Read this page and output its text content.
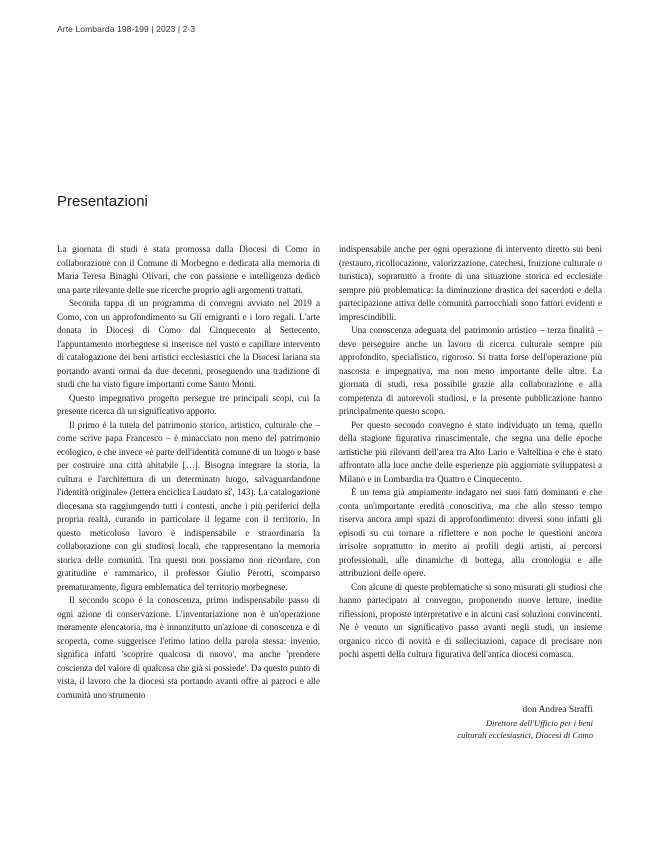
Arte Lombarda 198-199 | 2023 | 2-3
Presentazioni

La giornata di studi è stata promossa dalla Diocesi di Como in collaborazione con il Comune di Morbegno e dedicata alla memoria di Maria Teresa Binaghi Olivari, che con passione e intelligenza dedicò una parte rilevante delle sue ricerche proprio agli argomenti trattati.

Seconda tappa di un programma di convegni avviato nel 2019 a Como, con un approfondimento su Gli emigranti e i loro regali. L'arte donata in Diocesi di Como dal Cinquecento al Settecento, l'appuntamento morbegnese si inserisce nel vasto e capillare intervento di catalogazione dei beni artistici ecclesiastici che la Diocesi lariana sta portando avanti ormai da due decenni, proseguendo una tradizione di studi che ha visto figure importanti come Santo Monti.

Questo impegnativo progetto persegue tre principali scopi, cui la presente ricerca dà un significativo apporto.

Il primo è la tutela del patrimonio storico, artistico, culturale che – come scrive papa Francesco – è minacciato non meno del patrimonio ecologico, e che invece «è parte dell'identità comune di un luogo e base per costruire una città abitabile […]. Bisogna integrare la storia, la cultura e l'architettura di un determinato luogo, salvaguardandone l'identità originale» (lettera enciclica Laudato si', 143). La catalogazione diocesana sta raggiungendo tutti i contesti, anche i più periferici della propria realtà, curando in particolare il legame con il territorio. In questo meticoloso lavoro è indispensabile e straordinaria la collaborazione con gli studiosi locali, che rappresentano la memoria storica delle comunità. Tra questi non possiamo non ricordare, con gratitudine e rammarico, il professor Giulio Perotti, scomparso prematuramente, figura emblematica del territorio morbegnese.

Il secondo scopo è la conoscenza, primo indispensabile passo di ogni azione di conservazione. L'inventariazione non è un'operazione meramente elencatoria, ma è innanzitutto un'azione di conoscenza e di scoperta, come suggerisce l'etimo latino della parola stessa: invenio, significa infatti 'scoprire qualcosa di nuovo', ma anche 'prendere coscienza del valore di qualcosa che già si possiede'. Da questo punto di vista, il lavoro che la diocesi sta portando avanti offre ai parroci e alle comunità uno strumento

indispensabile anche per ogni operazione di intervento diretto sui beni (restauro, ricollocazione, valorizzazione, catechesi, fruizione culturale o turistica), soprattutto a fronte di una situazione storica ed ecclesiale sempre più problematica: la diminuzione drastica dei sacerdoti e della partecipazione attiva delle comunità parrocchiali sono fattori evidenti e imprescindibili.

Una conoscenza adeguata del patrimonio artistico – terza finalità – deve perseguire anche un lavoro di ricerca culturale sempre più approfondito, specialistico, rigoroso. Si tratta forse dell'operazione più nascosta e impegnativa, ma non meno importante delle altre. La giornata di studi, resa possibile grazie alla collaborazione e alla competenza di autorevoli studiosi, e la presente pubblicazione hanno principalmente questo scopo.

Per questo secondo convegno è stato individuato un tema, quello della stagione figurativa rinascimentale, che segna una delle epoche artistiche più rilevanti dell'area tra Alto Lario e Valtellina e che è stato affrontato alla luce anche delle esperienze più aggiornate sviluppatesi a Milano e in Lombardia tra Quattro e Cinquecento.

È un tema già ampiamente indagato nei suoi fatti dominanti e che conta un'importante eredità conoscitiva, ma che allo stesso tempo riserva ancora ampi spazi di approfondimento: diversi sono infatti gli episodi su cui tornare a riflettere e non poche le questioni ancora irrisolte soprattutto in merito ai profili degli artisti, ai percorsi professionali, alle dinamiche di bottega, alla cronologia e alle attribuzioni delle opere.

Con alcune di queste problematiche si sono misurati gli studiosi che hanno partecipato al convegno, proponendo nuove letture, inedite riflessioni, proposte interpretative e in alcuni casi soluzioni convincenti. Ne è venuto un significativo passo avanti negli studi, un insieme organico ricco di novità e di sollecitazioni, capace di precisare non pochi aspetti della cultura figurativa dell'antica diocesi comasca.

don Andrea Straffi
Direttore dell'Ufficio per i beni
culturali ecclesiastici, Diocesi di Como
